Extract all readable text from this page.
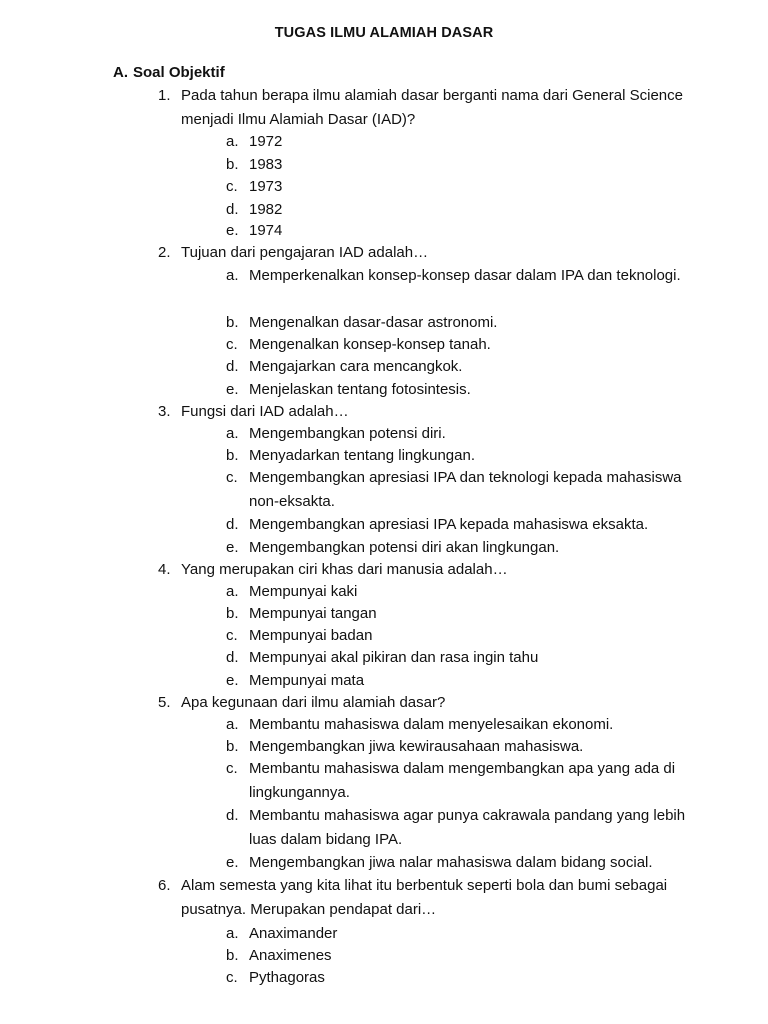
TUGAS ILMU ALAMIAH DASAR
A. Soal Objektif
1. Pada tahun berapa ilmu alamiah dasar berganti nama dari General Science menjadi Ilmu Alamiah Dasar (IAD)?
a. 1972
b. 1983
c. 1973
d. 1982
e. 1974
2. Tujuan dari pengajaran IAD adalah…
a. Memperkenalkan konsep-konsep dasar dalam IPA dan teknologi.
b. Mengenalkan dasar-dasar astronomi.
c. Mengenalkan konsep-konsep tanah.
d. Mengajarkan cara mencangkok.
e. Menjelaskan tentang fotosintesis.
3. Fungsi dari IAD adalah…
a. Mengembangkan potensi diri.
b. Menyadarkan tentang lingkungan.
c. Mengembangkan apresiasi IPA dan teknologi kepada mahasiswa non-eksakta.
d. Mengembangkan apresiasi IPA kepada mahasiswa eksakta.
e. Mengembangkan potensi diri akan lingkungan.
4. Yang merupakan ciri khas dari manusia adalah…
a. Mempunyai kaki
b. Mempunyai tangan
c. Mempunyai badan
d. Mempunyai akal pikiran dan rasa ingin tahu
e. Mempunyai mata
5. Apa kegunaan dari ilmu alamiah dasar?
a. Membantu mahasiswa dalam menyelesaikan ekonomi.
b. Mengembangkan jiwa kewirausahaan mahasiswa.
c. Membantu mahasiswa dalam mengembangkan apa yang ada di lingkungannya.
d. Membantu mahasiswa agar punya cakrawala pandang yang lebih luas dalam bidang IPA.
e. Mengembangkan jiwa nalar mahasiswa dalam bidang social.
6. Alam semesta yang kita lihat itu berbentuk seperti bola dan bumi sebagai pusatnya. Merupakan pendapat dari…
a. Anaximander
b. Anaximenes
c. Pythagoras
